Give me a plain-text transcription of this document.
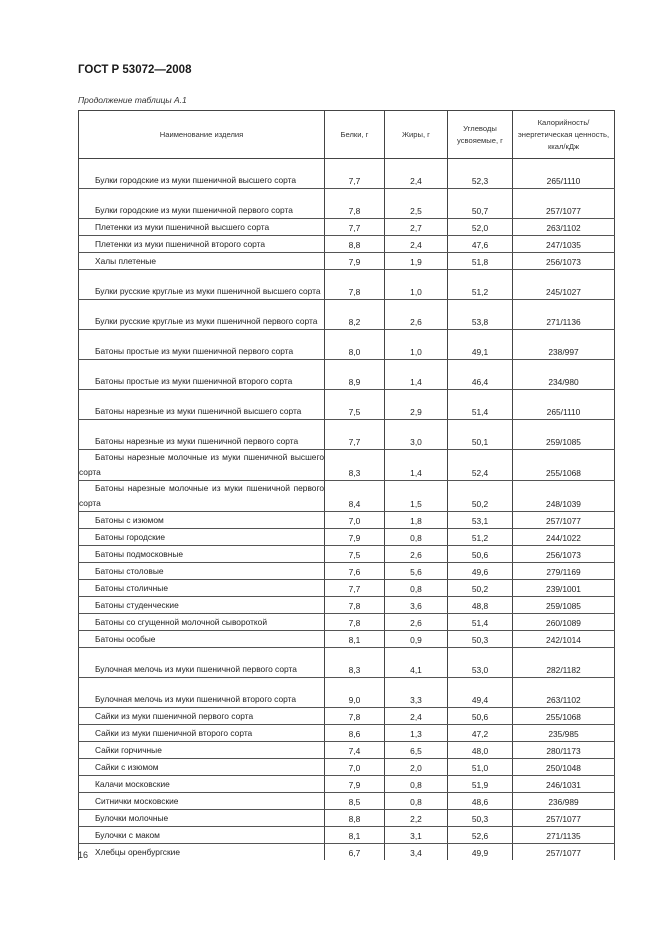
ГОСТ Р 53072—2008
Продолжение таблицы А.1
Наименование изделия	Белки, г	Жиры, г	Углеводы усвояемые, г	Калорийность/ энергетическая ценность, ккал/кДж
Булки городские из муки пшеничной высшего сорта	7,7	2,4	52,3	265/1110
Булки городские из муки пшеничной первого сорта	7,8	2,5	50,7	257/1077
Плетенки из муки пшеничной высшего сорта	7,7	2,7	52,0	263/1102
Плетенки из муки пшеничной второго сорта	8,8	2,4	47,6	247/1035
Халы плетеные	7,9	1,9	51,8	256/1073
Булки русские круглые из муки пшеничной высшего сорта	7,8	1,0	51,2	245/1027
Булки русские круглые из муки пшеничной первого сорта	8,2	2,6	53,8	271/1136
Батоны простые из муки пшеничной первого сорта	8,0	1,0	49,1	238/997
Батоны простые из муки пшеничной второго сорта	8,9	1,4	46,4	234/980
Батоны нарезные из муки пшеничной высшего сорта	7,5	2,9	51,4	265/1110
Батоны нарезные из муки пшеничной первого сорта	7,7	3,0	50,1	259/1085
Батоны нарезные молочные из муки пшеничной высшего сорта	8,3	1,4	52,4	255/1068
Батоны нарезные молочные из муки пшеничной первого сорта	8,4	1,5	50,2	248/1039
Батоны с изюмом	7,0	1,8	53,1	257/1077
Батоны городские	7,9	0,8	51,2	244/1022
Батоны подмосковные	7,5	2,6	50,6	256/1073
Батоны столовые	7,6	5,6	49,6	279/1169
Батоны столичные	7,7	0,8	50,2	239/1001
Батоны студенческие	7,8	3,6	48,8	259/1085
Батоны со сгущенной молочной сывороткой	7,8	2,6	51,4	260/1089
Батоны особые	8,1	0,9	50,3	242/1014
Булочная мелочь из муки пшеничной первого сорта	8,3	4,1	53,0	282/1182
Булочная мелочь из муки пшеничной второго сорта	9,0	3,3	49,4	263/1102
Сайки из муки пшеничной первого сорта	7,8	2,4	50,6	255/1068
Сайки из муки пшеничной второго сорта	8,6	1,3	47,2	235/985
Сайки горчичные	7,4	6,5	48,0	280/1173
Сайки с изюмом	7,0	2,0	51,0	250/1048
Калачи московские	7,9	0,8	51,9	246/1031
Ситнички московские	8,5	0,8	48,6	236/989
Булочки молочные	8,8	2,2	50,3	257/1077
Булочки с маком	8,1	3,1	52,6	271/1135
Хлебцы оренбургские	6,7	3,4	49,9	257/1077
16
